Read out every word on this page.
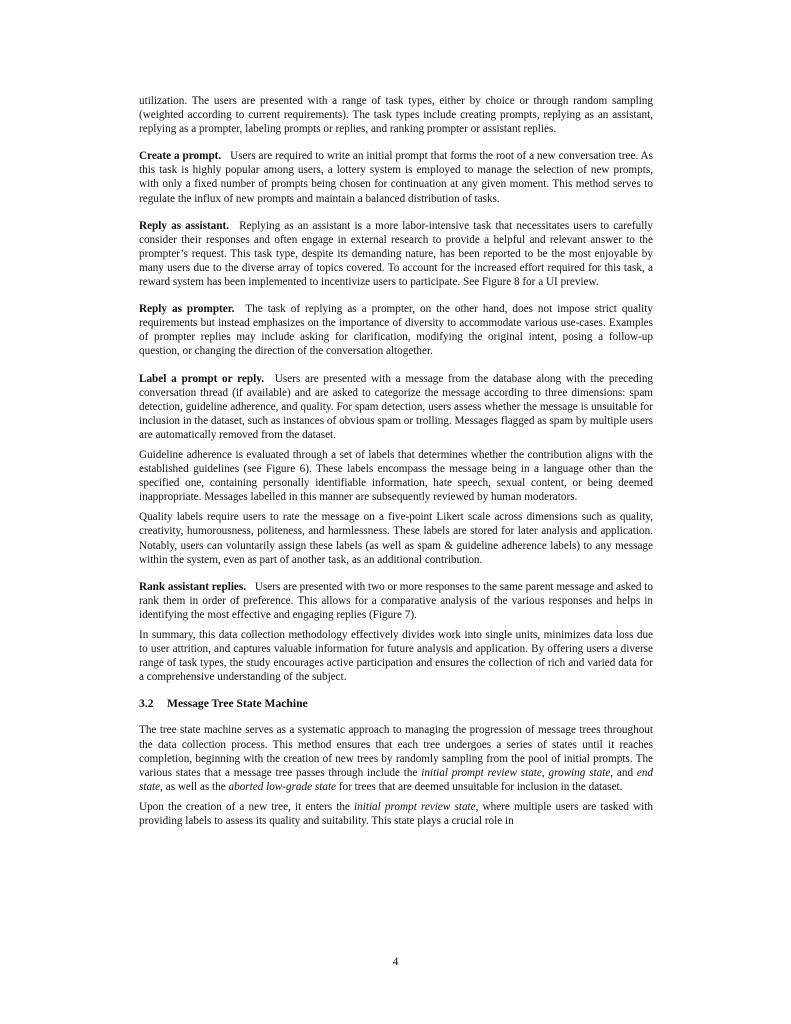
utilization. The users are presented with a range of task types, either by choice or through random sampling (weighted according to current requirements). The task types include creating prompts, replying as an assistant, replying as a prompter, labeling prompts or replies, and ranking prompter or assistant replies.

Create a prompt. Users are required to write an initial prompt that forms the root of a new conversation tree. As this task is highly popular among users, a lottery system is employed to manage the selection of new prompts, with only a fixed number of prompts being chosen for continuation at any given moment. This method serves to regulate the influx of new prompts and maintain a balanced distribution of tasks.

Reply as assistant. Replying as an assistant is a more labor-intensive task that necessitates users to carefully consider their responses and often engage in external research to provide a helpful and relevant answer to the prompter’s request. This task type, despite its demanding nature, has been reported to be the most enjoyable by many users due to the diverse array of topics covered. To account for the increased effort required for this task, a reward system has been implemented to incentivize users to participate. See Figure 8 for a UI preview.

Reply as prompter. The task of replying as a prompter, on the other hand, does not impose strict quality requirements but instead emphasizes on the importance of diversity to accommodate various use-cases. Examples of prompter replies may include asking for clarification, modifying the original intent, posing a follow-up question, or changing the direction of the conversation altogether.

Label a prompt or reply. Users are presented with a message from the database along with the preceding conversation thread (if available) and are asked to categorize the message according to three dimensions: spam detection, guideline adherence, and quality. For spam detection, users assess whether the message is unsuitable for inclusion in the dataset, such as instances of obvious spam or trolling. Messages flagged as spam by multiple users are automatically removed from the dataset.

Guideline adherence is evaluated through a set of labels that determines whether the contribution aligns with the established guidelines (see Figure 6). These labels encompass the message being in a language other than the specified one, containing personally identifiable information, hate speech, sexual content, or being deemed inappropriate. Messages labelled in this manner are subsequently reviewed by human moderators.

Quality labels require users to rate the message on a five-point Likert scale across dimensions such as quality, creativity, humorousness, politeness, and harmlessness. These labels are stored for later analysis and application. Notably, users can voluntarily assign these labels (as well as spam & guideline adherence labels) to any message within the system, even as part of another task, as an additional contribution.

Rank assistant replies. Users are presented with two or more responses to the same parent message and asked to rank them in order of preference. This allows for a comparative analysis of the various responses and helps in identifying the most effective and engaging replies (Figure 7).

In summary, this data collection methodology effectively divides work into single units, minimizes data loss due to user attrition, and captures valuable information for future analysis and application. By offering users a diverse range of task types, the study encourages active participation and ensures the collection of rich and varied data for a comprehensive understanding of the subject.

3.2 Message Tree State Machine

The tree state machine serves as a systematic approach to managing the progression of message trees throughout the data collection process. This method ensures that each tree undergoes a series of states until it reaches completion, beginning with the creation of new trees by randomly sampling from the pool of initial prompts. The various states that a message tree passes through include the initial prompt review state, growing state, and end state, as well as the aborted low-grade state for trees that are deemed unsuitable for inclusion in the dataset.

Upon the creation of a new tree, it enters the initial prompt review state, where multiple users are tasked with providing labels to assess its quality and suitability. This state plays a crucial role in

4
